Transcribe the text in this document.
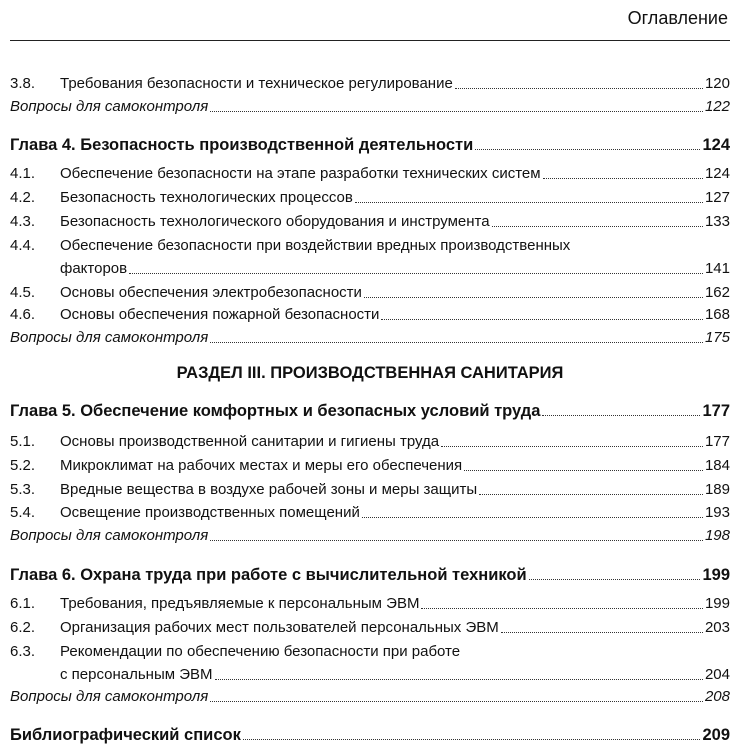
Оглавление
3.8.	Требования безопасности и техническое регулирование	120
Вопросы для самоконтроля	122
Глава 4. Безопасность производственной деятельности	124
4.1.	Обеспечение безопасности на этапе разработки технических систем	124
4.2.	Безопасность технологических процессов	127
4.3.	Безопасность технологического оборудования и инструмента	133
4.4.	Обеспечение безопасности при воздействии вредных производственных
факторов	141
4.5.	Основы обеспечения электробезопасности	162
4.6.	Основы обеспечения пожарной безопасности	168
Вопросы для самоконтроля	175
РАЗДЕЛ III. ПРОИЗВОДСТВЕННАЯ САНИТАРИЯ
Глава 5. Обеспечение комфортных и безопасных условий труда	177
5.1.	Основы производственной санитарии и гигиены труда	177
5.2.	Микроклимат на рабочих местах и меры его обеспечения	184
5.3.	Вредные вещества в воздухе рабочей зоны и меры защиты	189
5.4.	Освещение производственных помещений	193
Вопросы для самоконтроля	198
Глава 6. Охрана труда при работе с вычислительной техникой	199
6.1.	Требования, предъявляемые к персональным ЭВМ	199
6.2.	Организация рабочих мест пользователей персональных ЭВМ	203
6.3.	Рекомендации по обеспечению безопасности при работе
с персональным ЭВМ	204
Вопросы для самоконтроля	208
Библиографический список	209
